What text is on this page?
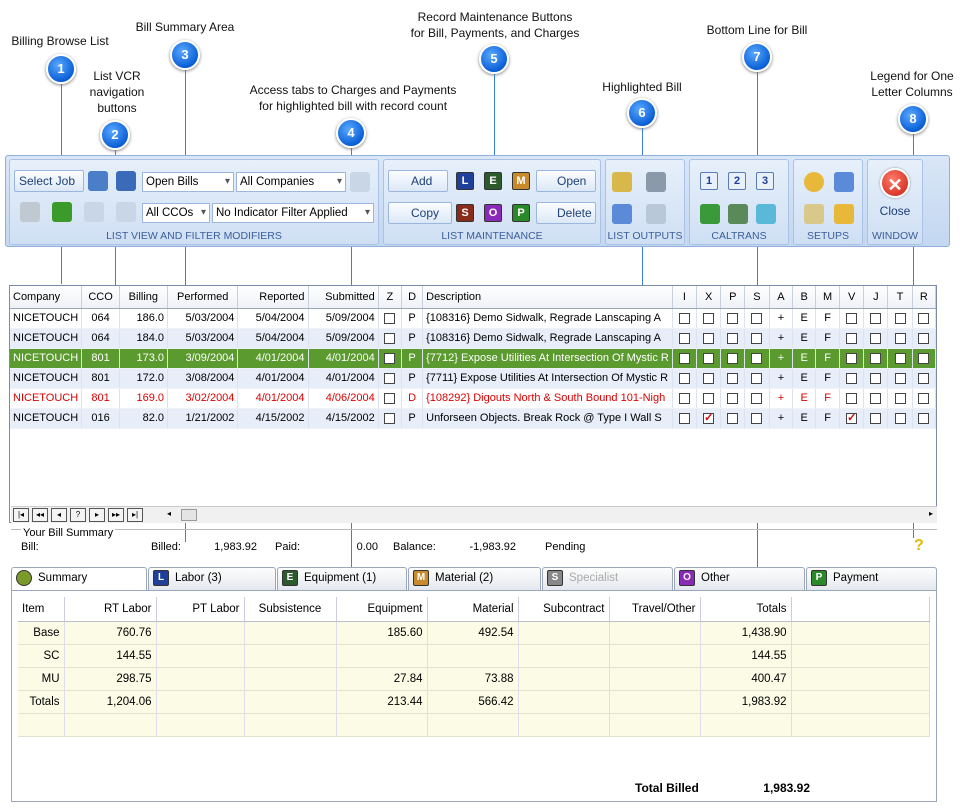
Billing Browse List
1	List VCR
navigation
buttons
2
Bill Summary Area
3
Access tabs to Charges and Payments
for highlighted bill with record count
4
Record Maintenance Buttons
for Bill, Payments, and Charges
5
Highlighted Bill
6
Bottom Line for Bill
7
Legend for One
Letter Columns
8
Select Job	Open Bills ▾	All Companies ▾
All CCOs ▾	No Indicator Filter Applied ▾
LIST VIEW AND FILTER MODIFIERS
Add	L	E	M	Open
Copy	S	O	P	Delete
LIST MAINTENANCE	LIST OUTPUTS
1	2	3
CALTRANS	SETUPS
✕
Close
WINDOW
Company	CCO	Billing	Performed	Reported	Submitted	Z	D	Description	I	X	P	S	A	B	M	V	J	T	R
NICETOUCH	064	186.0	5/03/2004	5/04/2004	5/09/2004		P	{108316} Demo Sidwalk, Regrade Lanscaping A					+	E	F				
NICETOUCH	064	184.0	5/03/2004	5/04/2004	5/09/2004		P	{108316} Demo Sidwalk, Regrade Lanscaping A					+	E	F				
NICETOUCH	801	173.0	3/09/2004	4/01/2004	4/01/2004		P	{7712} Expose Utilities At Intersection Of Mystic R					+	E	F				
NICETOUCH	801	172.0	3/08/2004	4/01/2004	4/01/2004		P	{7711} Expose Utilities At Intersection Of Mystic R					+	E	F				
NICETOUCH	801	169.0	3/02/2004	4/01/2004	4/06/2004		D	{108292} Digouts North & South Bound 101-Nigh					+	E	F				
NICETOUCH	016	82.0	1/21/2002	4/15/2002	4/15/2002		P	Unforseen Objects. Break Rock @ Type I Wall S		✓			+	E	F	✓			
|◂	◂◂	◂	?	▸	▸▸	▸|	◂	▸
Your Bill Summary
Bill:	Billed:	1,983.92 Paid:	0.00 Balance:	-1,983.92	Pending	?
Summary	L Labor (3)	E Equipment (1)	M Material (2)	S Specialist	O Other	P Payment
Item	RT Labor	PT Labor	Subsistence	Equipment	Material	Subcontract	Travel/Other	Totals	
Base	760.76			185.60	492.54			1,438.90	
SC	144.55							144.55	
MU	298.75			27.84	73.88			400.47	
Totals	1,204.06			213.44	566.42			1,983.92	

Total Billed	1,983.92
